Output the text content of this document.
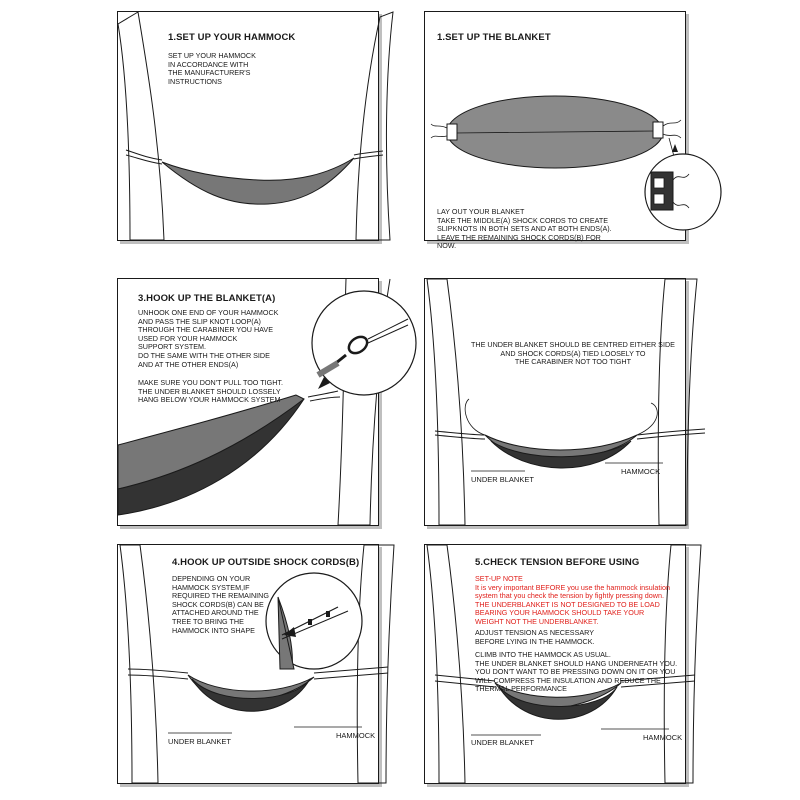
1.SET UP YOUR HAMMOCK
SET UP YOUR HAMMOCK
IN ACCORDANCE WITH
THE MANUFACTURER'S
INSTRUCTIONS
1.SET UP THE BLANKET
LAY OUT YOUR BLANKET
TAKE THE MIDDLE(A) SHOCK CORDS TO CREATE
SLIPKNOTS IN BOTH SETS AND AT BOTH ENDS(A).
LEAVE THE REMAINING SHOCK CORDS(B) FOR
NOW.
3.HOOK UP THE BLANKET(A)
UNHOOK ONE END OF YOUR HAMMOCK
AND PASS THE SLIP KNOT LOOP(A)
THROUGH THE CARABINER YOU HAVE
USED FOR YOUR HAMMOCK
SUPPORT SYSTEM.
DO THE SAME WITH THE OTHER SIDE
AND AT THE OTHER ENDS(A)
MAKE SURE YOU DON'T PULL TOO TIGHT.
THE UNDER BLANKET SHOULD LOSSELY
HANG BELOW YOUR HAMMOCK SYSTEM
THE UNDER BLANKET SHOULD BE CENTRED EITHER SIDE
AND SHOCK CORDS(A) TIED LOOSELY TO
THE CARABINER NOT TOO TIGHT
UNDER BLANKET
HAMMOCK
4.HOOK UP OUTSIDE SHOCK CORDS(B)
DEPENDING ON YOUR
HAMMOCK SYSTEM,IF
REQUIRED THE REMAINING
SHOCK CORDS(B) CAN BE
ATTACHED AROUND THE
TREE TO BRING THE
HAMMOCK INTO SHAPE
UNDER BLANKET
HAMMOCK
5.CHECK TENSION BEFORE USING
SET-UP NOTE
It is very important BEFORE you use the hammock insulation
system that you check the tension by fightly pressing down.
THE UNDERBLANKET IS NOT DESIGNED TO BE LOAD
BEARING YOUR HAMMOCK SHOULD TAKE YOUR
WEIGHT NOT THE UNDERBLANKET.
ADJUST TENSION AS NECESSARY
BEFORE LYING IN THE HAMMOCK.
CLIMB INTO THE HAMMOCK AS USUAL.
THE UNDER BLANKET SHOULD HANG UNDERNEATH YOU.
YOU DON'T WANT TO BE PRESSING DOWN ON IT OR YOU
WILL COMPRESS THE INSULATION AND REDUCE THE
THERMAL PERFORMANCE
UNDER BLANKET
HAMMOCK
